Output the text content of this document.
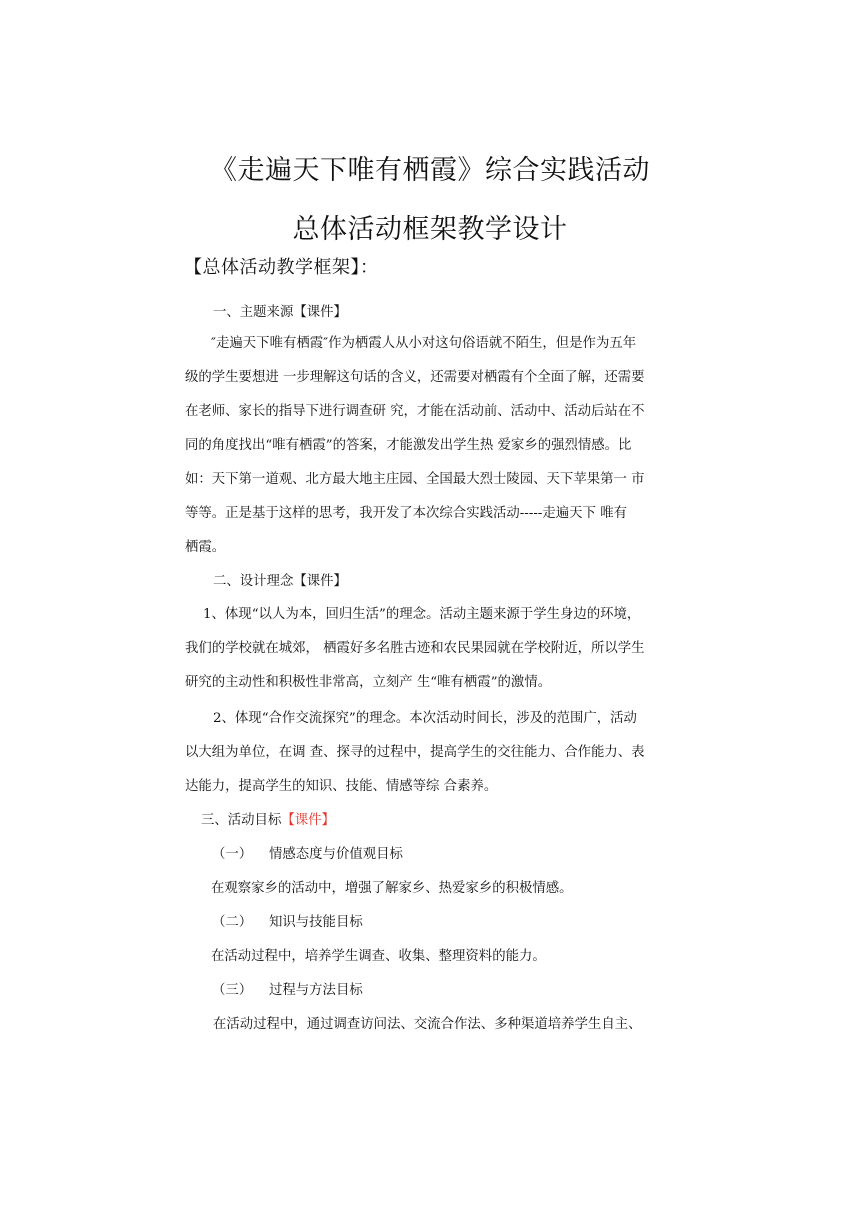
《走遍天下唯有栖霞》综合实践活动
总体活动框架教学设计
【总体活动教学框架】：
一、主题来源【课件】
″走遍天下唯有栖霞″作为栖霞人从小对这句俗语就不陌生，但是作为五年
级的学生要想进 一步理解这句话的含义，还需要对栖霞有个全面了解，还需要
在老师、家长的指导下进行调查研 究，才能在活动前、活动中、活动后站在不
同的角度找出“唯有栖霞”的答案，才能激发出学生热 爱家乡的强烈情感。比
如：天下第一道观、北方最大地主庄园、全国最大烈士陵园、天下苹果第一 市
等等。正是基于这样的思考，我开发了本次综合实践活动-----走遍天下 唯有
栖霞。
二、设计理念【课件】
1、体现“以人为本，回归生活”的理念。活动主题来源于学生身边的环境，
我们的学校就在城郊， 栖霞好多名胜古迹和农民果园就在学校附近，所以学生
研究的主动性和积极性非常高，立刻产 生“唯有栖霞”的激情。
2、体现“合作交流探究”的理念。本次活动时间长，涉及的范围广，活动
以大组为单位，在调 查、探寻的过程中，提高学生的交往能力、合作能力、表
达能力，提高学生的知识、技能、情感等综 合素养。
三、活动目标【课件】
（一） 情感态度与价值观目标
在观察家乡的活动中，增强了解家乡、热爱家乡的积极情感。
（二） 知识与技能目标
在活动过程中，培养学生调查、收集、整理资料的能力。
（三） 过程与方法目标
在活动过程中，通过调查访问法、交流合作法、多种渠道培养学生自主、
